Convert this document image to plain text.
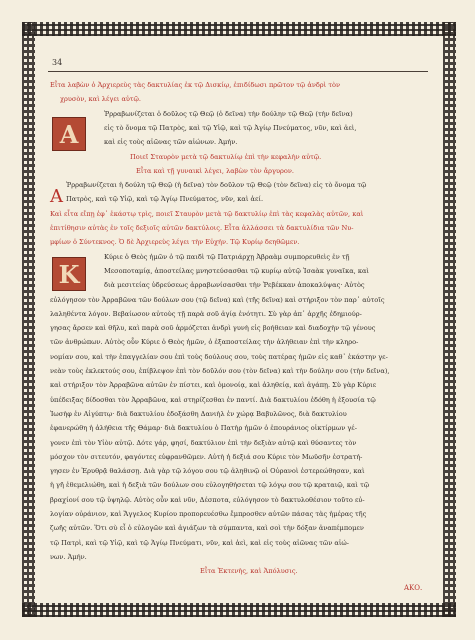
34
A
K
A
Εἶτα λαβὼν ὁ Ἀρχιερεὺς τὰς δακτυλίας ἐκ τῷ Δισκίῳ, ἐπιδίδωσι πρῶτον τῷ ἀνδρὶ τὸν
χρυσὸν, καὶ λέγει αὐτῷ.
Ῥρραβωνίζεται ὁ δοῦλος τῷ Θεῷ (ὁ δεῖνα) τὴν δούλην τῷ Θεῷ (τὴν δεῖνα)
εἰς τὸ ὄνομα τῷ Πατρὸς, καὶ τῷ Υἱῷ, καὶ τῷ Ἁγίῳ Πνεύματος, νῦν, καὶ ἀεὶ,
καὶ εἰς τοὺς αἰῶνας τῶν αἰώνων. Ἀμήν.
Ποιεῖ Σταυρὸν μετὰ τῷ δακτυλίῳ ἐπὶ τὴν κεφαλὴν αὐτῷ.
Εἶτα καὶ τῇ γυναικὶ λέγει, λαβὼν τὸν ἄργυρον.
Ῥρραβωνίζεται ἡ δούλη τῷ Θεῷ (ἡ δεῖνα) τὸν δοῦλον τῷ Θεῷ (τὸν δεῖνα) εἰς τὸ ὄνομα τῷ
Πατρὸς, καὶ τῷ Υἱῷ, καὶ τῷ Ἁγίῳ Πνεύματος, νῦν, καὶ ἀεί.
Καὶ εἶτα εἴπῃ ἐφ᾽ ἑκάστῳ τρὶς, ποιεῖ Σταυρὸν μετὰ τῷ δακτυλίῳ ἐπὶ τὰς κεφαλὰς αὐτῶν, καὶ
ἐπιτίθησιν αὐτὰς ἐν τοῖς δεξιοῖς αὐτῶν δακτύλοις. Εἶτα ἀλλάσσει τὰ δακτυλίδια τῶν Νυ-
μφίων ὁ Σύντεκνος. Ὁ δὲ Ἀρχιερεὺς λέγει τὴν Εὐχήν. Τῷ Κυρίῳ δεηθῶμεν.
Κύριε ὁ Θεὸς ἡμῶν ὁ τῷ παιδὶ τῷ Πατριάρχῃ Ἀβραὰμ συμπορευθεὶς ἐν τῇ
Μεσοποταμίᾳ, ἀποστείλας μνηστεύσασθαι τῷ κυρίῳ αὐτῷ Ἰσαὰκ γυναῖκα, καὶ
διὰ μεσιτείας ὑδρεύσεως ἀρραβωνίσασθαι τὴν Ῥεβέκκαν ἀποκαλύψας· Αὐτὸς
εὐλόγησον τὸν Ἀρραβῶνα τῶν δούλων σου (τῷ δεῖνα) καὶ (τῆς δεῖνα) καὶ στήριξον τὸν παρ᾽ αὐτοῖς
λαληθέντα λόγον. Βεβαίωσον αὐτοὺς τῇ παρὰ σοῦ ἁγίᾳ ἑνότητι. Σὺ γὰρ ἀπ᾽ ἀρχῆς ἐδημιούρ-
γησας ἄρσεν καὶ θῆλυ, καὶ παρὰ σοῦ ἁρμόζεται ἀνδρὶ γυνὴ εἰς βοήθειαν καὶ διαδοχὴν τῷ γένους
τῶν ἀνθρώπων. Αὐτὸς οὖν Κύριε ὁ Θεὸς ἡμῶν, ὁ ἐξαποστείλας τὴν ἀλήθειαν ἐπὶ τὴν κληρο-
νομίαν σου, καὶ τὴν ἐπαγγελίαν σου ἐπὶ τοὺς δούλους σου, τοὺς πατέρας ἡμῶν εἰς καθ᾽ ἑκάστην γε-
νεὰν τοὺς ἐκλεκτούς σου, ἐπίβλεψον ἐπὶ τὸν δοῦλόν σου (τὸν δεῖνα) καὶ τὴν δούλην σου (τὴν δεῖνα),
καὶ στήριξον τὸν Ἀρραβῶνα αὐτῶν ἐν πίστει, καὶ ὁμονοίᾳ, καὶ ἀληθείᾳ, καὶ ἀγάπῃ. Σὺ γὰρ Κύριε
ὑπέδειξας δίδοσθαι τὸν Ἀρραβῶνα, καὶ στηρίζεσθαι ἐν παντί. Διὰ δακτυλίου ἐδόθη ἡ ἐξουσία τῷ
Ἰωσὴφ ἐν Αἰγύπτῳ· διὰ δακτυλίου ἐδοξάσθη Δανιὴλ ἐν χώρᾳ Βαβυλῶνος, διὰ δακτυλίου
ἐφανερώθη ἡ ἀλήθεια τῆς Θάμαρ· διὰ δακτυλίου ὁ Πατὴρ ἡμῶν ὁ ἐπουράνιος οἰκτίρμων γέ-
γονεν ἐπὶ τὸν Υἱὸν αὐτῷ. Δότε γάρ, φησί, δακτύλιον ἐπὶ τὴν δεξιὰν αὐτῷ καὶ θύσαντες τὸν
μόσχον τὸν σιτευτόν, φαγόντες εὐφρανθῶμεν. Αὐτὴ ἡ δεξιά σου Κύριε τὸν Μωϋσῆν ἐστρατή-
γησεν ἐν Ἐρυθρᾷ θαλάσσῃ. Διὰ γὰρ τῷ λόγου σου τῷ ἀληθινῷ οἱ Οὐρανοὶ ἐστερεώθησαν, καὶ
ἡ γῆ ἐθεμελιώθη, καὶ ἡ δεξιὰ τῶν δούλων σου εὐλογηθήσεται τῷ λόγῳ σου τῷ κραταιῷ, καὶ τῷ
βραχίονί σου τῷ ὑψηλῷ. Αὐτὸς οὖν καὶ νῦν, Δέσποτα, εὐλόγησον τὸ δακτυλοθέσιον τοῦτο εὐ-
λογίαν οὐράνιον, καὶ Ἄγγελος Κυρίου προπορευέσθω ἔμπροσθεν αὐτῶν πάσας τὰς ἡμέρας τῆς
ζωῆς αὐτῶν. Ὅτι σὺ εἶ ὁ εὐλογῶν καὶ ἁγιάζων τὰ σύμπαντα, καὶ σοὶ τὴν δόξαν ἀναπέμπομεν
τῷ Πατρὶ, καὶ τῷ Υἱῷ, καὶ τῷ Ἁγίῳ Πνεύματι, νῦν, καὶ ἀεὶ, καὶ εἰς τοὺς αἰῶνας τῶν αἰώ-
νων. Ἀμήν.
Εἶτα Ἐκτενὴς, καὶ Ἀπόλυσις.
ΑΚΟ.
